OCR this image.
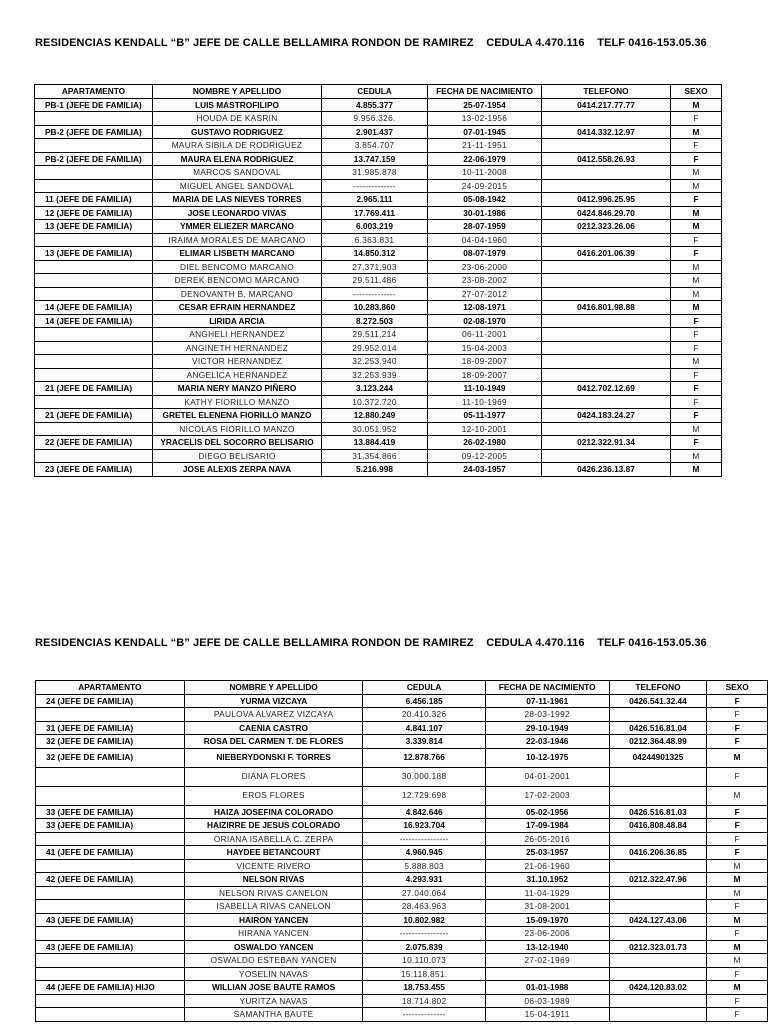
RESIDENCIAS KENDALL “B” JEFE DE CALLE BELLAMIRA RONDON DE RAMIREZ    CEDULA 4.470.116    TELF 0416-153.05.36
APARTAMENTO	NOMBRE Y APELLIDO	CEDULA	FECHA DE NACIMIENTO	TELEFONO	SEXO
PB-1 (JEFE DE FAMILIA)	LUIS MASTROFILIPO	4.855.377	25-07-1954	0414.217.77.77	M
	HOUDA DE KASRIN	9.956.326.	13-02-1956		F
PB-2 (JEFE DE FAMILIA)	GUSTAVO RODRIGUEZ	2.901.437	07-01-1945	0414.332.12.97	M
	MAURA SIBILA DE RODRIGUEZ	3.854.707	21-11-1951		F
PB-2 (JEFE DE FAMILIA)	MAURA ELENA RODRIGUEZ	13.747.159	22-06-1979	0412.558.26.93	F
	MARCOS SANDOVAL	31.985.878	10-11-2008		M
	MIGUEL ANGEL SANDOVAL	--------------	24-09-2015		M
11 (JEFE DE FAMILIA)	MARIA DE LAS NIEVES TORRES	2.965.111	05-08-1942	0412.996.25.95	F
12 (JEFE DE FAMILIA)	JOSE LEONARDO VIVAS	17.769.411	30-01-1986	0424.846.29.70	M
13 (JEFE DE FAMILIA)	YMMER ELIEZER MARCANO	6.003.219	28-07-1959	0212.323.26.06	M
	IRAIMA MORALES DE MARCANO	6.363.831	04-04-1960		F
13 (JEFE DE FAMILIA)	ELIMAR LISBETH MARCANO	14.850.312	08-07-1979	0416.201.06.39	F
	DIEL BENCOMO MARCANO	27.371.903	23-06-2000		M
	DEREK BENCOMO MARCANO	29.511.486	23-08-2002		M
	DENOVANTH B. MARCANO	--------------	27-07-2012		M
14 (JEFE DE FAMILIA)	CESAR EFRAIN HERNANDEZ	10.283.860	12-08-1971	0416.801.98.88	M
14 (JEFE DE FAMILIA)	LIRIDA ARCIA	8.272.503	02-08-1970		F
	ANGHELI HERNANDEZ	29.511.214	06-11-2001		F
	ANGINETH HERNANDEZ	29.952.014	15-04-2003		F
	VICTOR HERNANDEZ	32.253.940	18-09-2007		M
	ANGELICA HERNANDEZ	32.253.939	18-09-2007		F
21 (JEFE DE FAMILIA)	MARIA NERY MANZO PIÑERO	3.123.244	11-10-1949	0412.702.12.69	F
	KATHY FIORILLO MANZO	10.372.720	11-10-1969		F
21 (JEFE DE FAMILIA)	GRETEL ELENENA FIORILLO MANZO	12.880.249	05-11-1977	0424.183.24.27	F
	NICOLAS FIORILLO MANZO	30.051.952	12-10-2001		M
22 (JEFE DE FAMILIA)	YRACELIS DEL SOCORRO BELISARIO	13.884.419	26-02-1980	0212.322.91.34	F
	DIEGO BELISARIO	31.354.866	09-12-2005		M
23 (JEFE DE FAMILIA)	JOSE ALEXIS ZERPA NAVA	5.216.998	24-03-1957	0426.236.13.87	M
RESIDENCIAS KENDALL “B” JEFE DE CALLE BELLAMIRA RONDON DE RAMIREZ    CEDULA 4.470.116    TELF 0416-153.05.36
APARTAMENTO	NOMBRE Y APELLIDO	CEDULA	FECHA DE NACIMIENTO	TELEFONO	SEXO
24 (JEFE DE FAMILIA)	YURMA VIZCAYA	6.456.185	07-11-1961	0426.541.32.44	F
	PAULOVA ALVAREZ VIZCAYA	20.410.326	28-03-1992		F
31 (JEFE DE FAMILIA)	CAENIA CASTRO	4.841.107	29-10-1949	0426.516.81.04	F
32 (JEFE DE FAMILIA)	ROSA DEL CARMEN T. DE FLORES	3.339.814	22-03-1946	0212.364.48.99	F
32 (JEFE DE FAMILIA)	NIEBERYDONSKI F. TORRES	12.878.766	10-12-1975	04244901325	M
	DIANA FLORES	30.000.188	04-01-2001		F
	EROS FLORES	12.729.698	17-02-2003		M
33 (JEFE DE FAMILIA)	HAIZA JOSEFINA COLORADO	4.842.646	05-02-1956	0426.516.81.03	F
33 (JEFE DE FAMILIA)	HAIZIRRE DE JESUS COLORADO	16.923.704	17-09-1984	0416.808.48.84	F
	ORIANA ISABELLA C. ZERPA	----------------	26-05-2016		F
41 (JEFE DE FAMILIA)	HAYDEE BETANCOURT	4.960.945	25-03-1957	0416.206.36.85	F
	VICENTE RIVERO	5.888.803	21-06-1960		M
42 (JEFE DE FAMILIA)	NELSON RIVAS	4.293.931	31.10.1952	0212.322.47.96	M
	NELSON RIVAS CANELON	27.040.064	11-04-1929		M
	ISABELLA RIVAS CANELON	28.463.963	31-08-2001		F
43 (JEFE DE FAMILIA)	HAIRON YANCEN	10.802.982	15-09-1970	0424.127.43.06	M
	HIRANA YANCEN	----------------	23-06-2006		F
43 (JEFE DE FAMILIA)	OSWALDO YANCEN	2.075.839	13-12-1940	0212.323.01.73	M
	OSWALDO ESTEBAN YANCEN	10.110.073	27-02-1969		M
	YOSELIN NAVAS	15.118.851.			F
44 (JEFE DE FAMILIA) HIJO	WILLIAN JOSE BAUTE RAMOS	18.753.455	01-01-1988	0424.120.83.02	M
	YURITZA NAVAS	18.714.802	06-03-1989		F
	SAMANTHA BAUTE	--------------	15-04-1911		F
